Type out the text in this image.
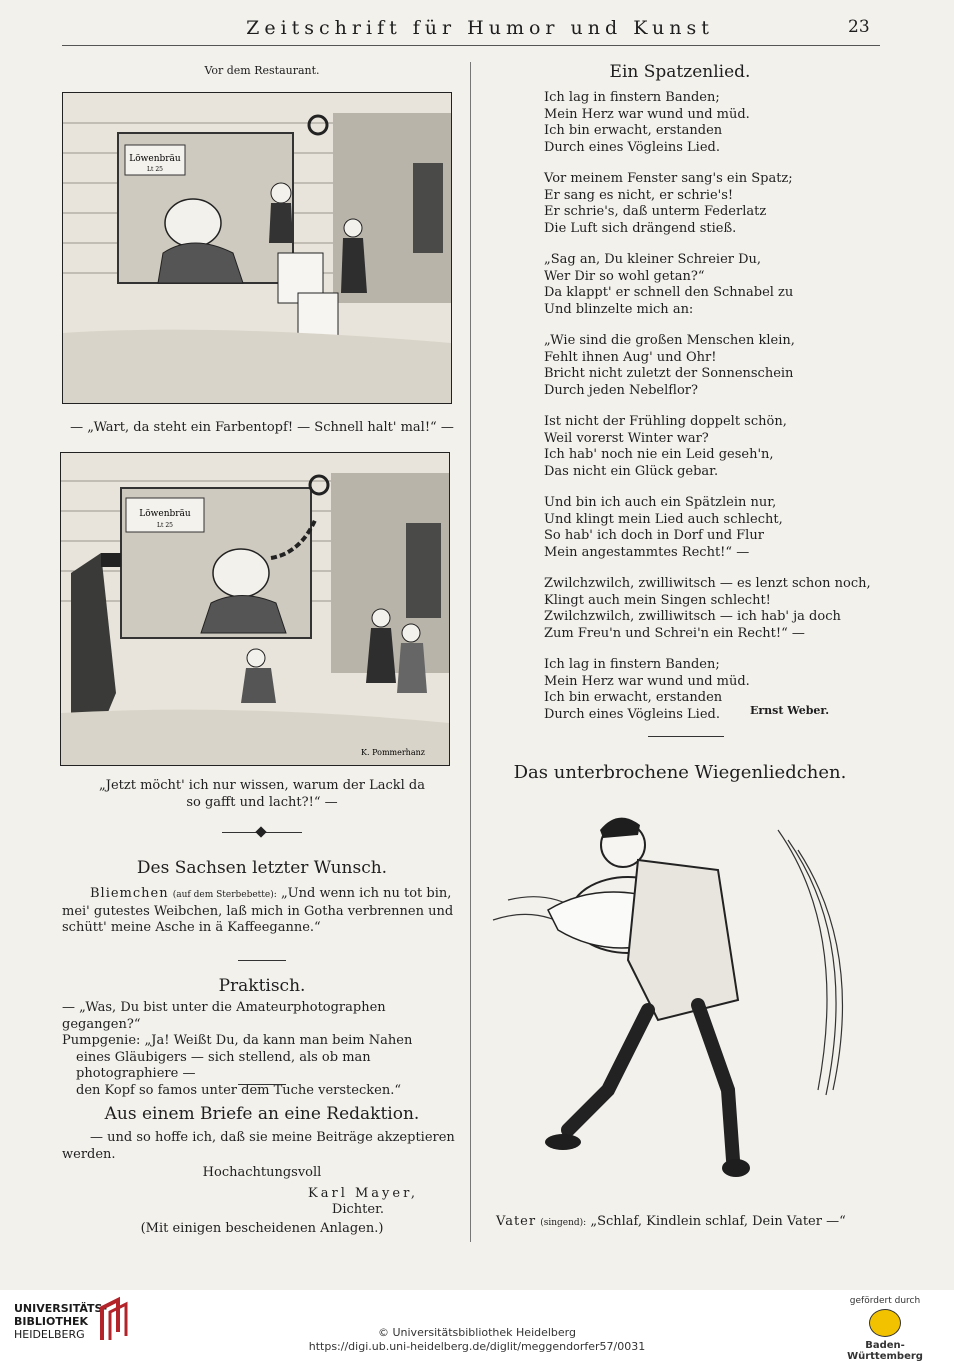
Zeitschrift für Humor und Kunst	23
Vor dem Restaurant.
Löwenbräu
Lt 25
— „Wart, da steht ein Farbentopf! — Schnell halt' mal!“ —
Löwenbräu
Lt 25
K. Pommerhanz
„Jetzt möcht' ich nur wissen, warum der Lackl da
so gafft und lacht?!“ —
Des Sachsen letzter Wunsch.
Bliemchen (auf dem Sterbebette): „Und wenn ich nu tot bin,
mei' gutestes Weibchen, laß mich in Gotha verbrennen und
schütt' meine Asche in ä Kaffeeganne.“
Praktisch.
— „Was, Du bist unter die Amateurphotographen gegangen?“
Pumpgenie: „Ja! Weißt Du, da kann man beim Nahen
eines Gläubigers — sich stellend, als ob man photographiere —
den Kopf so famos unter dem Tuche verstecken.“
Aus einem Briefe an eine Redaktion.
— und so hoffe ich, daß sie meine Beiträge akzeptieren
werden.
Hochachtungsvoll
Karl Mayer,
Dichter.
(Mit einigen bescheidenen Anlagen.)
Ein Spatzenlied.
Ich lag in finstern Banden;
Mein Herz war wund und müd.
Ich bin erwacht, erstanden
Durch eines Vögleins Lied.
Vor meinem Fenster sang's ein Spatz;
Er sang es nicht, er schrie's!
Er schrie's, daß unterm Federlatz
Die Luft sich drängend stieß.
„Sag an, Du kleiner Schreier Du,
Wer Dir so wohl getan?“
Da klappt' er schnell den Schnabel zu
Und blinzelte mich an:
„Wie sind die großen Menschen klein,
Fehlt ihnen Aug' und Ohr!
Bricht nicht zuletzt der Sonnenschein
Durch jeden Nebelflor?
Ist nicht der Frühling doppelt schön,
Weil vorerst Winter war?
Ich hab' noch nie ein Leid geseh'n,
Das nicht ein Glück gebar.
Und bin ich auch ein Spätzlein nur,
Und klingt mein Lied auch schlecht,
So hab' ich doch in Dorf und Flur
Mein angestammtes Recht!“ —
Zwilchzwilch, zwilliwitsch — es lenzt schon noch,
Klingt auch mein Singen schlecht!
Zwilchzwilch, zwilliwitsch — ich hab' ja doch
Zum Freu'n und Schrei'n ein Recht!“ —
Ich lag in finstern Banden;
Mein Herz war wund und müd.
Ich bin erwacht, erstanden
Durch eines Vögleins Lied.	Ernst Weber.
Das unterbrochene Wiegenliedchen.
Vater (singend): „Schlaf, Kindlein schlaf, Dein Vater —“
UNIVERSITÄTS-
BIBLIOTHEK
HEIDELBERG	© Universitätsbibliothek Heidelberg
https://digi.ub.uni-heidelberg.de/diglit/meggendorfer57/0031
gefördert durch
Baden-Württemberg
